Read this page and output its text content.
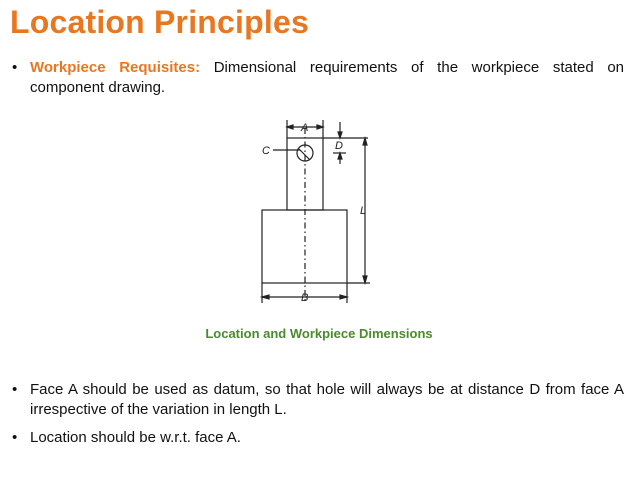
Location Principles
• Workpiece Requisites: Dimensional requirements of the workpiece stated on component drawing.
A
C	D
L
B
Location and Workpiece Dimensions
• Face A should be used as datum, so that hole will always be at distance D from face A irrespective of the variation in length L.
• Location should be w.r.t. face A.
